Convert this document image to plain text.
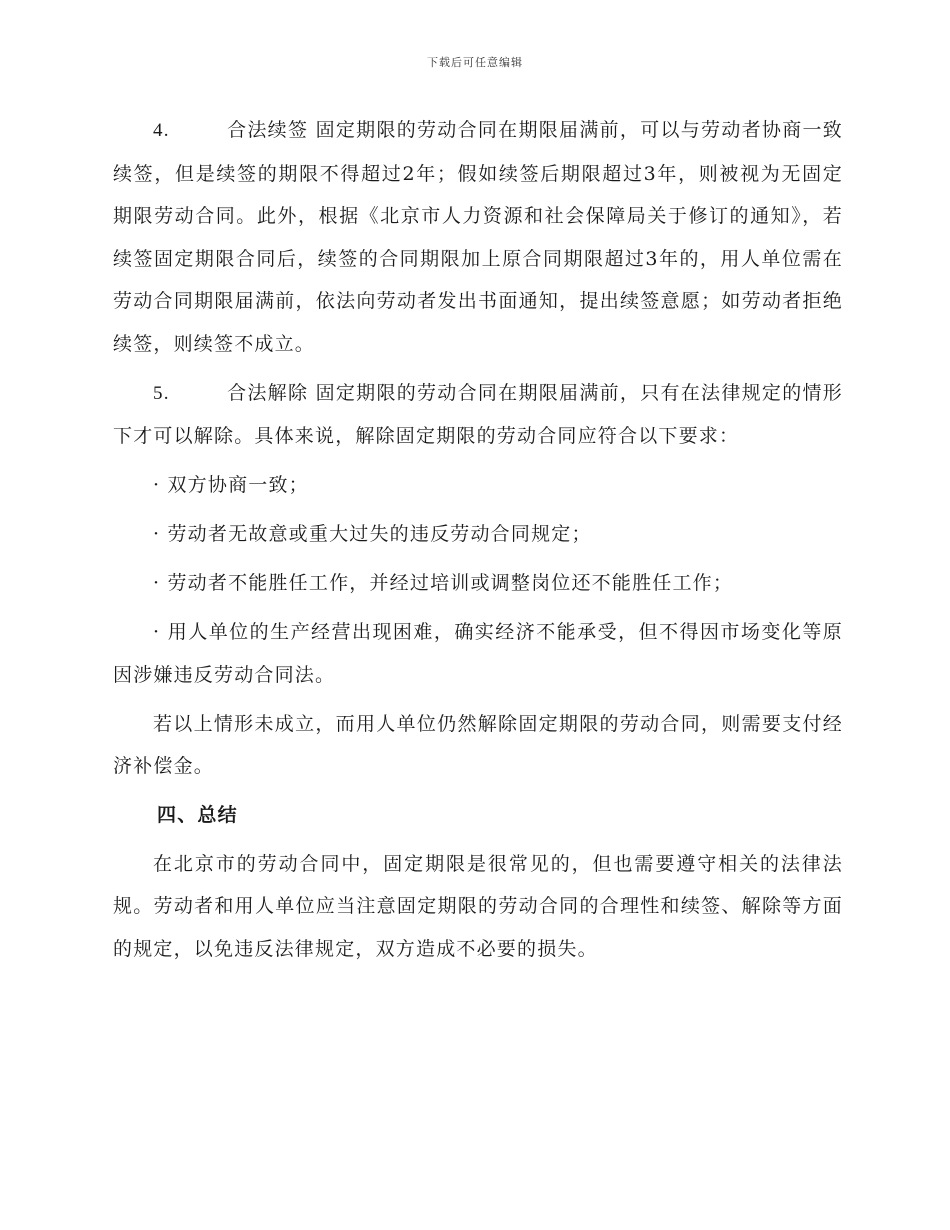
下载后可任意编辑

4.	合法续签 固定期限的劳动合同在期限届满前，可以与劳动者协商一致续签，但是续签的期限不得超过2年；假如续签后期限超过3年，则被视为无固定期限劳动合同。此外，根据《北京市人力资源和社会保障局关于修订的通知》，若续签固定期限合同后，续签的合同期限加上原合同期限超过3年的，用人单位需在劳动合同期限届满前，依法向劳动者发出书面通知，提出续签意愿；如劳动者拒绝续签，则续签不成立。

5.	合法解除 固定期限的劳动合同在期限届满前，只有在法律规定的情形下才可以解除。具体来说，解除固定期限的劳动合同应符合以下要求：

· 双方协商一致；

· 劳动者无故意或重大过失的违反劳动合同规定；

· 劳动者不能胜任工作，并经过培训或调整岗位还不能胜任工作；

· 用人单位的生产经营出现困难，确实经济不能承受，但不得因市场变化等原因涉嫌违反劳动合同法。

若以上情形未成立，而用人单位仍然解除固定期限的劳动合同，则需要支付经济补偿金。

四、总结

在北京市的劳动合同中，固定期限是很常见的，但也需要遵守相关的法律法规。劳动者和用人单位应当注意固定期限的劳动合同的合理性和续签、解除等方面的规定，以免违反法律规定，双方造成不必要的损失。
